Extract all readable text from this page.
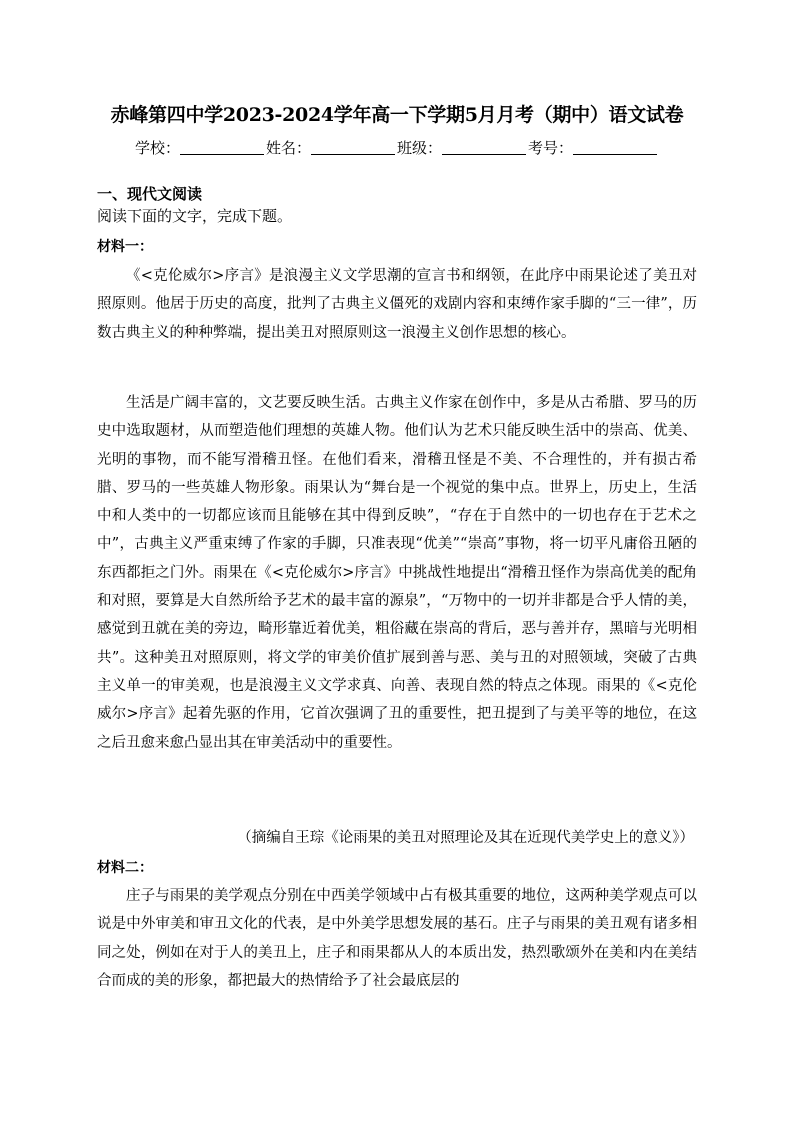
赤峰第四中学2023-2024学年高一下学期5月月考（期中）语文试卷
学校：	姓名：	班级：	考号：
一、现代文阅读
阅读下面的文字，完成下题。
材料一：

《<克伦威尔>序言》是浪漫主义文学思潮的宣言书和纲领，在此序中雨果论述了美丑对照原则。他居于历史的高度，批判了古典主义僵死的戏剧内容和束缚作家手脚的“三一律”，历数古典主义的种种弊端，提出美丑对照原则这一浪漫主义创作思想的核心。

生活是广阔丰富的，文艺要反映生活。古典主义作家在创作中，多是从古希腊、罗马的历史中选取题材，从而塑造他们理想的英雄人物。他们认为艺术只能反映生活中的崇高、优美、光明的事物，而不能写滑稽丑怪。在他们看来，滑稽丑怪是不美、不合理性的，并有损古希腊、罗马的一些英雄人物形象。雨果认为“舞台是一个视觉的集中点。世界上，历史上，生活中和人类中的一切都应该而且能够在其中得到反映”，“存在于自然中的一切也存在于艺术之中”，古典主义严重束缚了作家的手脚，只准表现“优美”“崇高”事物，将一切平凡庸俗丑陋的东西都拒之门外。雨果在《<克伦威尔>序言》中挑战性地提出“滑稽丑怪作为崇高优美的配角和对照，要算是大自然所给予艺术的最丰富的源泉”，“万物中的一切并非都是合乎人情的美，感觉到丑就在美的旁边，畸形靠近着优美，粗俗藏在崇高的背后，恶与善并存，黑暗与光明相共”。这种美丑对照原则，将文学的审美价值扩展到善与恶、美与丑的对照领域，突破了古典主义单一的审美观，也是浪漫主义文学求真、向善、表现自然的特点之体现。雨果的《<克伦威尔>序言》起着先驱的作用，它首次强调了丑的重要性，把丑提到了与美平等的地位，在这之后丑愈来愈凸显出其在审美活动中的重要性。

（摘编自王琮《论雨果的美丑对照理论及其在近现代美学史上的意义》）
材料二：

庄子与雨果的美学观点分别在中西美学领域中占有极其重要的地位，这两种美学观点可以说是中外审美和审丑文化的代表，是中外美学思想发展的基石。庄子与雨果的美丑观有诸多相同之处，例如在对于人的美丑上，庄子和雨果都从人的本质出发，热烈歌颂外在美和内在美结合而成的美的形象，都把最大的热情给予了社会最底层的
